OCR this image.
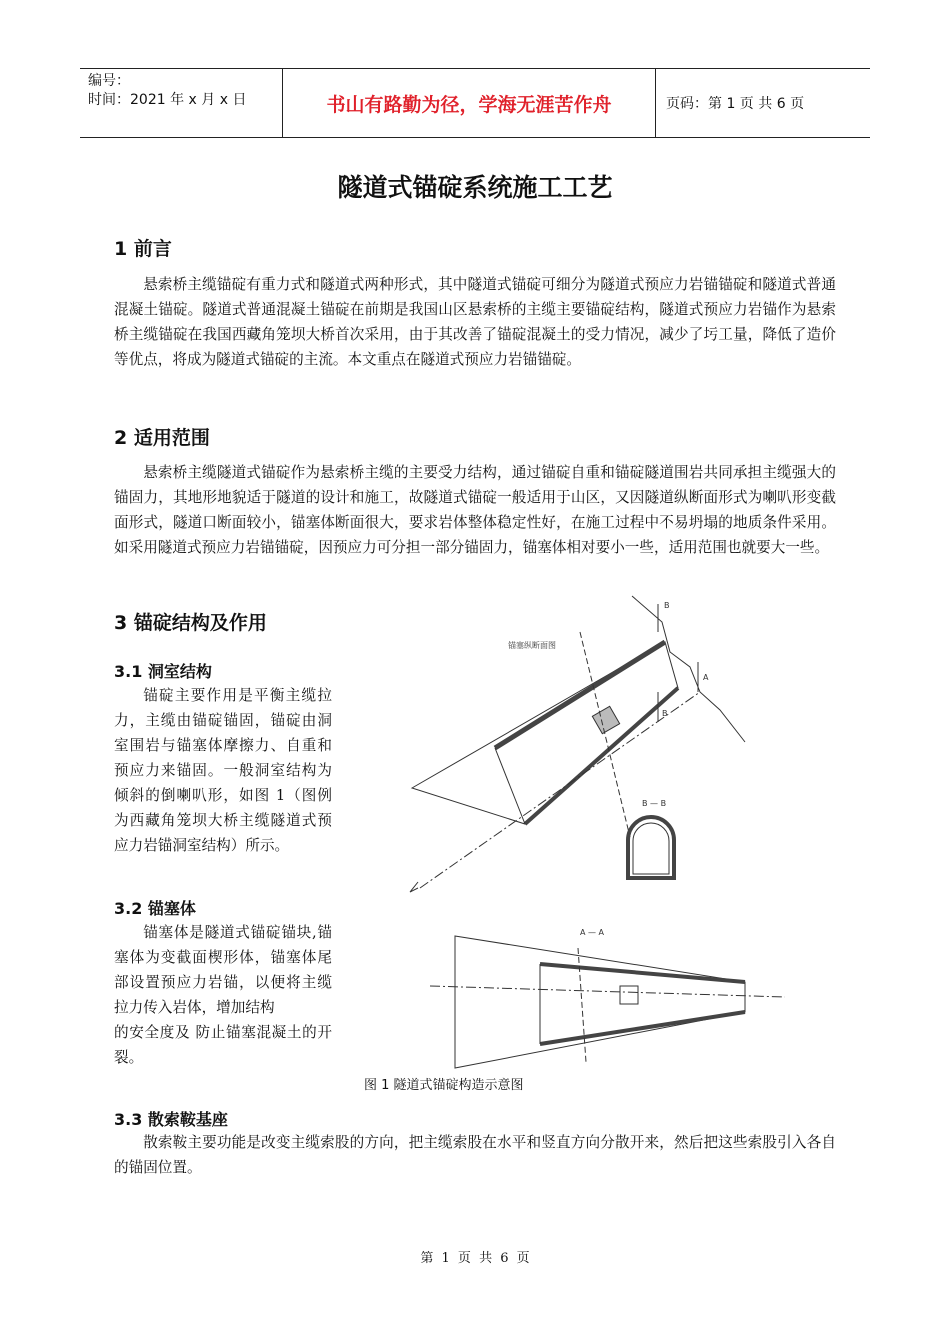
编号：
时间：2021 年 x 月 x 日	书山有路勤为径，学海无涯苦作舟	页码：第 1 页 共 6 页
隧道式锚碇系统施工工艺
1 前言

悬索桥主缆锚碇有重力式和隧道式两种形式，其中隧道式锚碇可细分为隧道式预应力岩锚锚碇和隧道式普通混凝土锚碇。隧道式普通混凝土锚碇在前期是我国山区悬索桥的主缆主要锚碇结构，隧道式预应力岩锚作为悬索桥主缆锚碇在我国西藏角笼坝大桥首次采用，由于其改善了锚碇混凝土的受力情况，减少了圬工量，降低了造价等优点，将成为隧道式锚碇的主流。本文重点在隧道式预应力岩锚锚碇。

2 适用范围

悬索桥主缆隧道式锚碇作为悬索桥主缆的主要受力结构，通过锚碇自重和锚碇隧道围岩共同承担主缆强大的锚固力，其地形地貌适于隧道的设计和施工，故隧道式锚碇一般适用于山区，又因隧道纵断面形式为喇叭形变截面形式，隧道口断面较小，锚塞体断面很大，要求岩体整体稳定性好，在施工过程中不易坍塌的地质条件采用。如采用隧道式预应力岩锚锚碇，因预应力可分担一部分锚固力，锚塞体相对要小一些，适用范围也就要大一些。

3 锚碇结构及作用
3.1 洞室结构

锚碇主要作用是平衡主缆拉力，主缆由锚碇锚固，锚碇由洞室围岩与锚塞体摩擦力、自重和预应力来锚固。一般洞室结构为倾斜的倒喇叭形，如图 1（图例为西藏角笼坝大桥主缆隧道式预应力岩锚洞室结构）所示。

3.2 锚塞体

锚塞体是隧道式锚碇锚块,锚塞体为变截面楔形体，锚塞体尾部设置预应力岩锚，以便将主缆拉力传入岩体，增加结构
的安全度及 防止锚塞混凝土的开裂。

3.3 散索鞍基座

散索鞍主要功能是改变主缆索股的方向，把主缆索股在水平和竖直方向分散开来，然后把这些索股引入各自的锚固位置。

锚塞纵断面图
B
B
A
B — B
A — A
图 1 隧道式锚碇构造示意图
第 1 页 共 6 页
